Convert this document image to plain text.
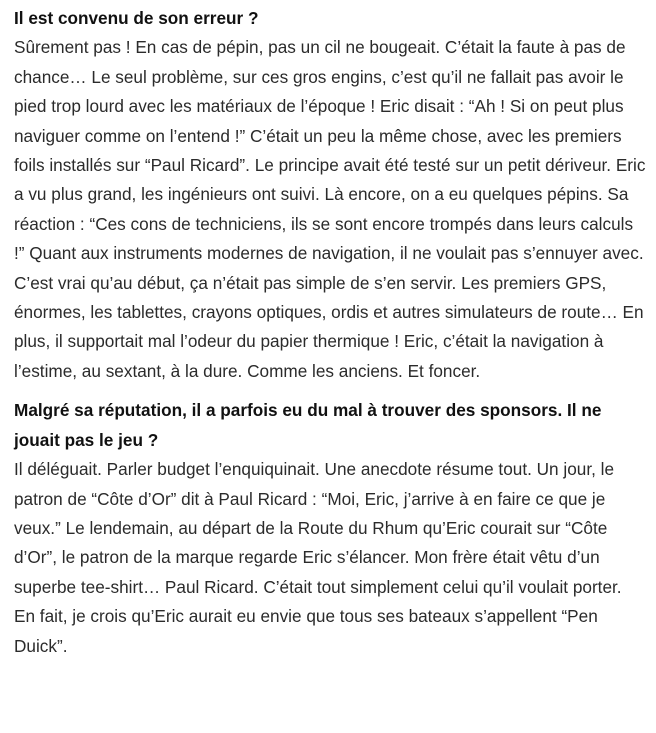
Il est convenu de son erreur ?

Sûrement pas ! En cas de pépin, pas un cil ne bougeait. C’était la faute à pas de chance… Le seul problème, sur ces gros engins, c’est qu’il ne fallait pas avoir le pied trop lourd avec les matériaux de l’époque ! Eric disait : “Ah ! Si on peut plus naviguer comme on l’entend !” C’était un peu la même chose, avec les premiers foils installés sur “Paul Ricard”. Le principe avait été testé sur un petit dériveur. Eric a vu plus grand, les ingénieurs ont suivi. Là encore, on a eu quelques pépins. Sa réaction : “Ces cons de techniciens, ils se sont encore trompés dans leurs calculs !” Quant aux instruments modernes de navigation, il ne voulait pas s’ennuyer avec. C’est vrai qu’au début, ça n’était pas simple de s’en servir. Les premiers GPS, énormes, les tablettes, crayons optiques, ordis et autres simulateurs de route… En plus, il supportait mal l’odeur du papier thermique ! Eric, c’était la navigation à l’estime, au sextant, à la dure. Comme les anciens. Et foncer.

Malgré sa réputation, il a parfois eu du mal à trouver des sponsors. Il ne jouait pas le jeu ?

Il déléguait. Parler budget l’enquiquinait. Une anecdote résume tout. Un jour, le patron de “Côte d’Or” dit à Paul Ricard : “Moi, Eric, j’arrive à en faire ce que je veux.” Le lendemain, au départ de la Route du Rhum qu’Eric courait sur “Côte d’Or”, le patron de la marque regarde Eric s’élancer. Mon frère était vêtu d’un superbe tee-shirt… Paul Ricard. C’était tout simplement celui qu’il voulait porter. En fait, je crois qu’Eric aurait eu envie que tous ses bateaux s’appellent “Pen Duick”.
